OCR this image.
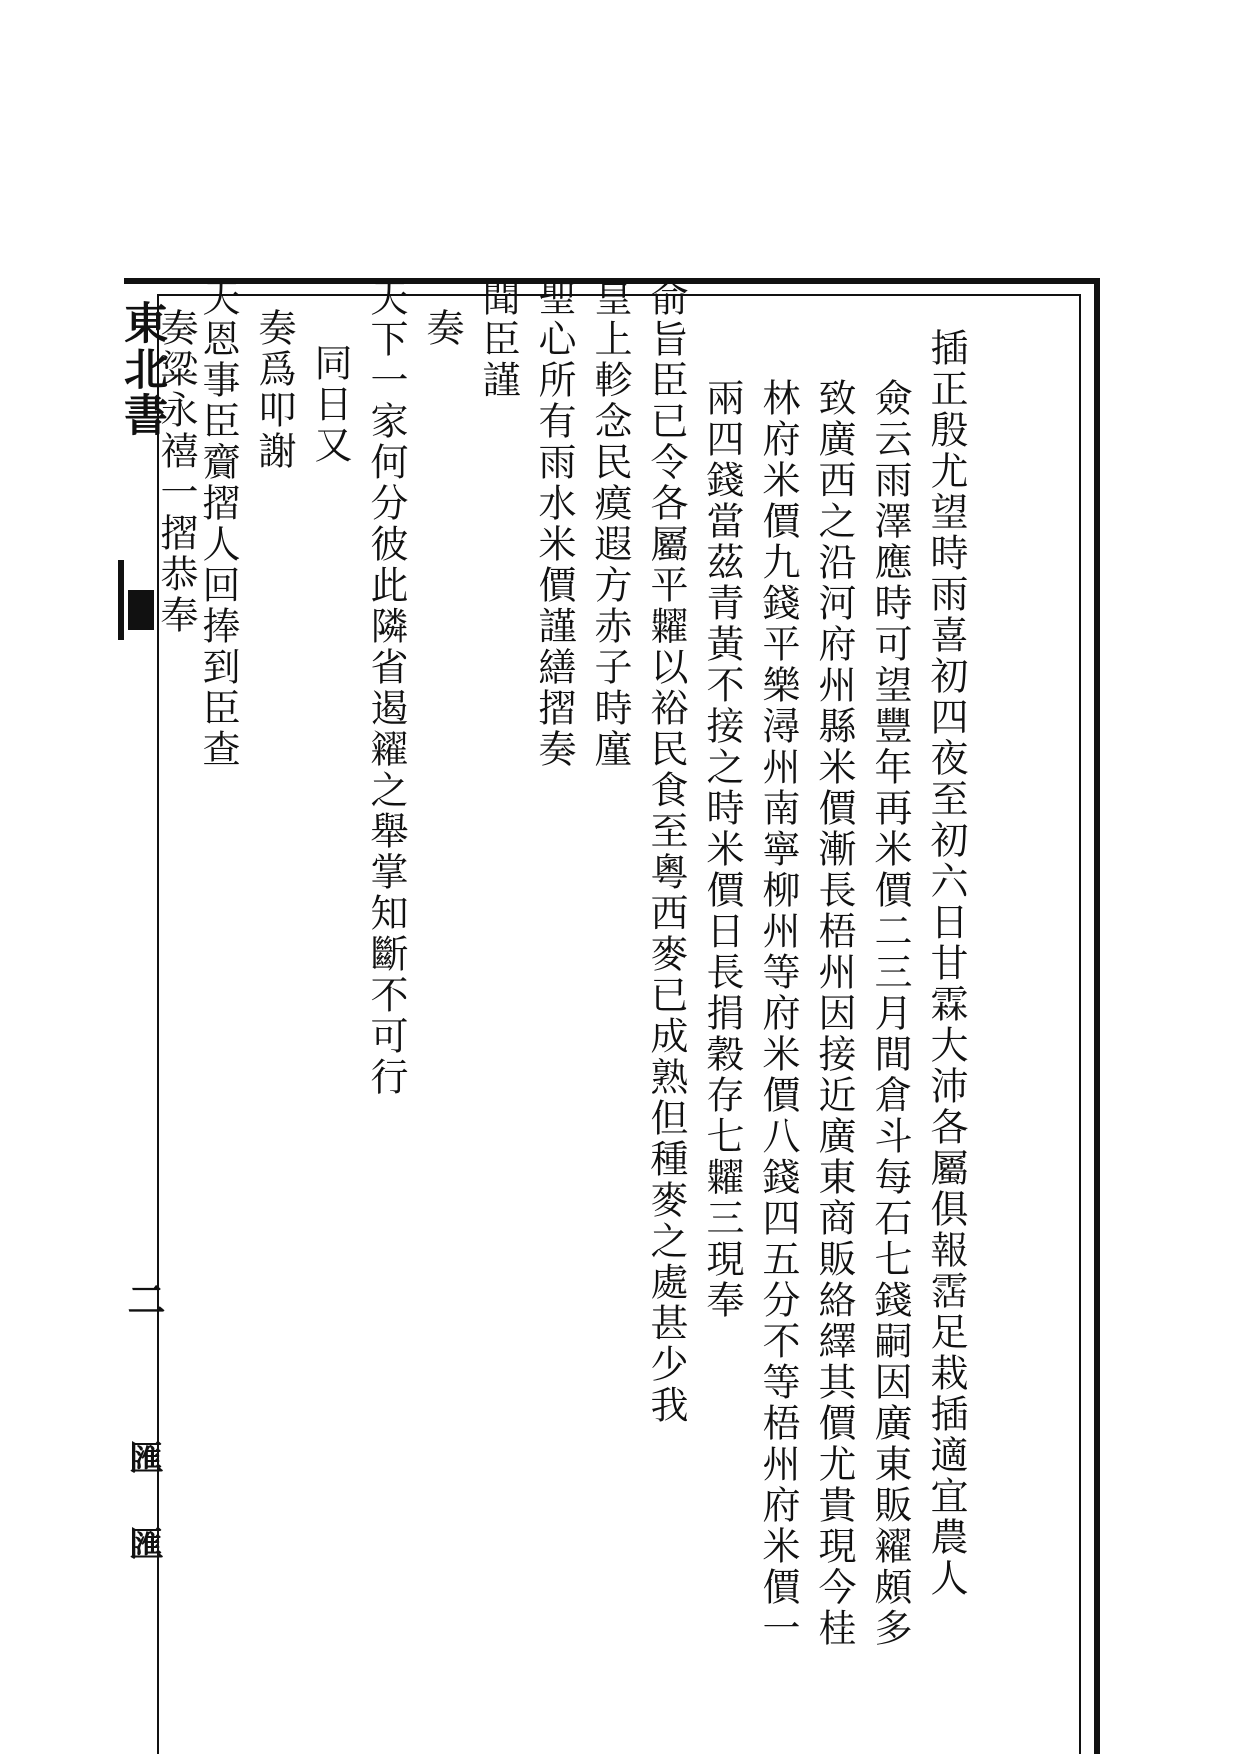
東北書
二
匯 匯	插正殷尤望時雨喜初四夜至初六日甘霖大沛各屬俱報霑足栽插適宜農人
僉云雨澤應時可望豐年再米價二三月間倉斗每石七錢嗣因廣東販糴頗多
致廣西之沿河府州縣米價漸長梧州因接近廣東商販絡繹其價尤貴現今桂
林府米價九錢平樂潯州南寧柳州等府米價八錢四五分不等梧州府米價一
兩四錢當茲青黃不接之時米價日長捐穀存七糶三現奉
俞旨臣已令各屬平糶以裕民食至粵西麥已成熟但種麥之處甚少我
皇上軫念民瘼遐方赤子時廑
聖心所有雨水米價謹繕摺奏
聞臣謹
奏
天下一家何分彼此隣省遏糴之舉掌知斷不可行
同日又
奏爲叩謝
天恩事臣齎摺人回捧到臣查
奏粱永禧一摺恭奉
